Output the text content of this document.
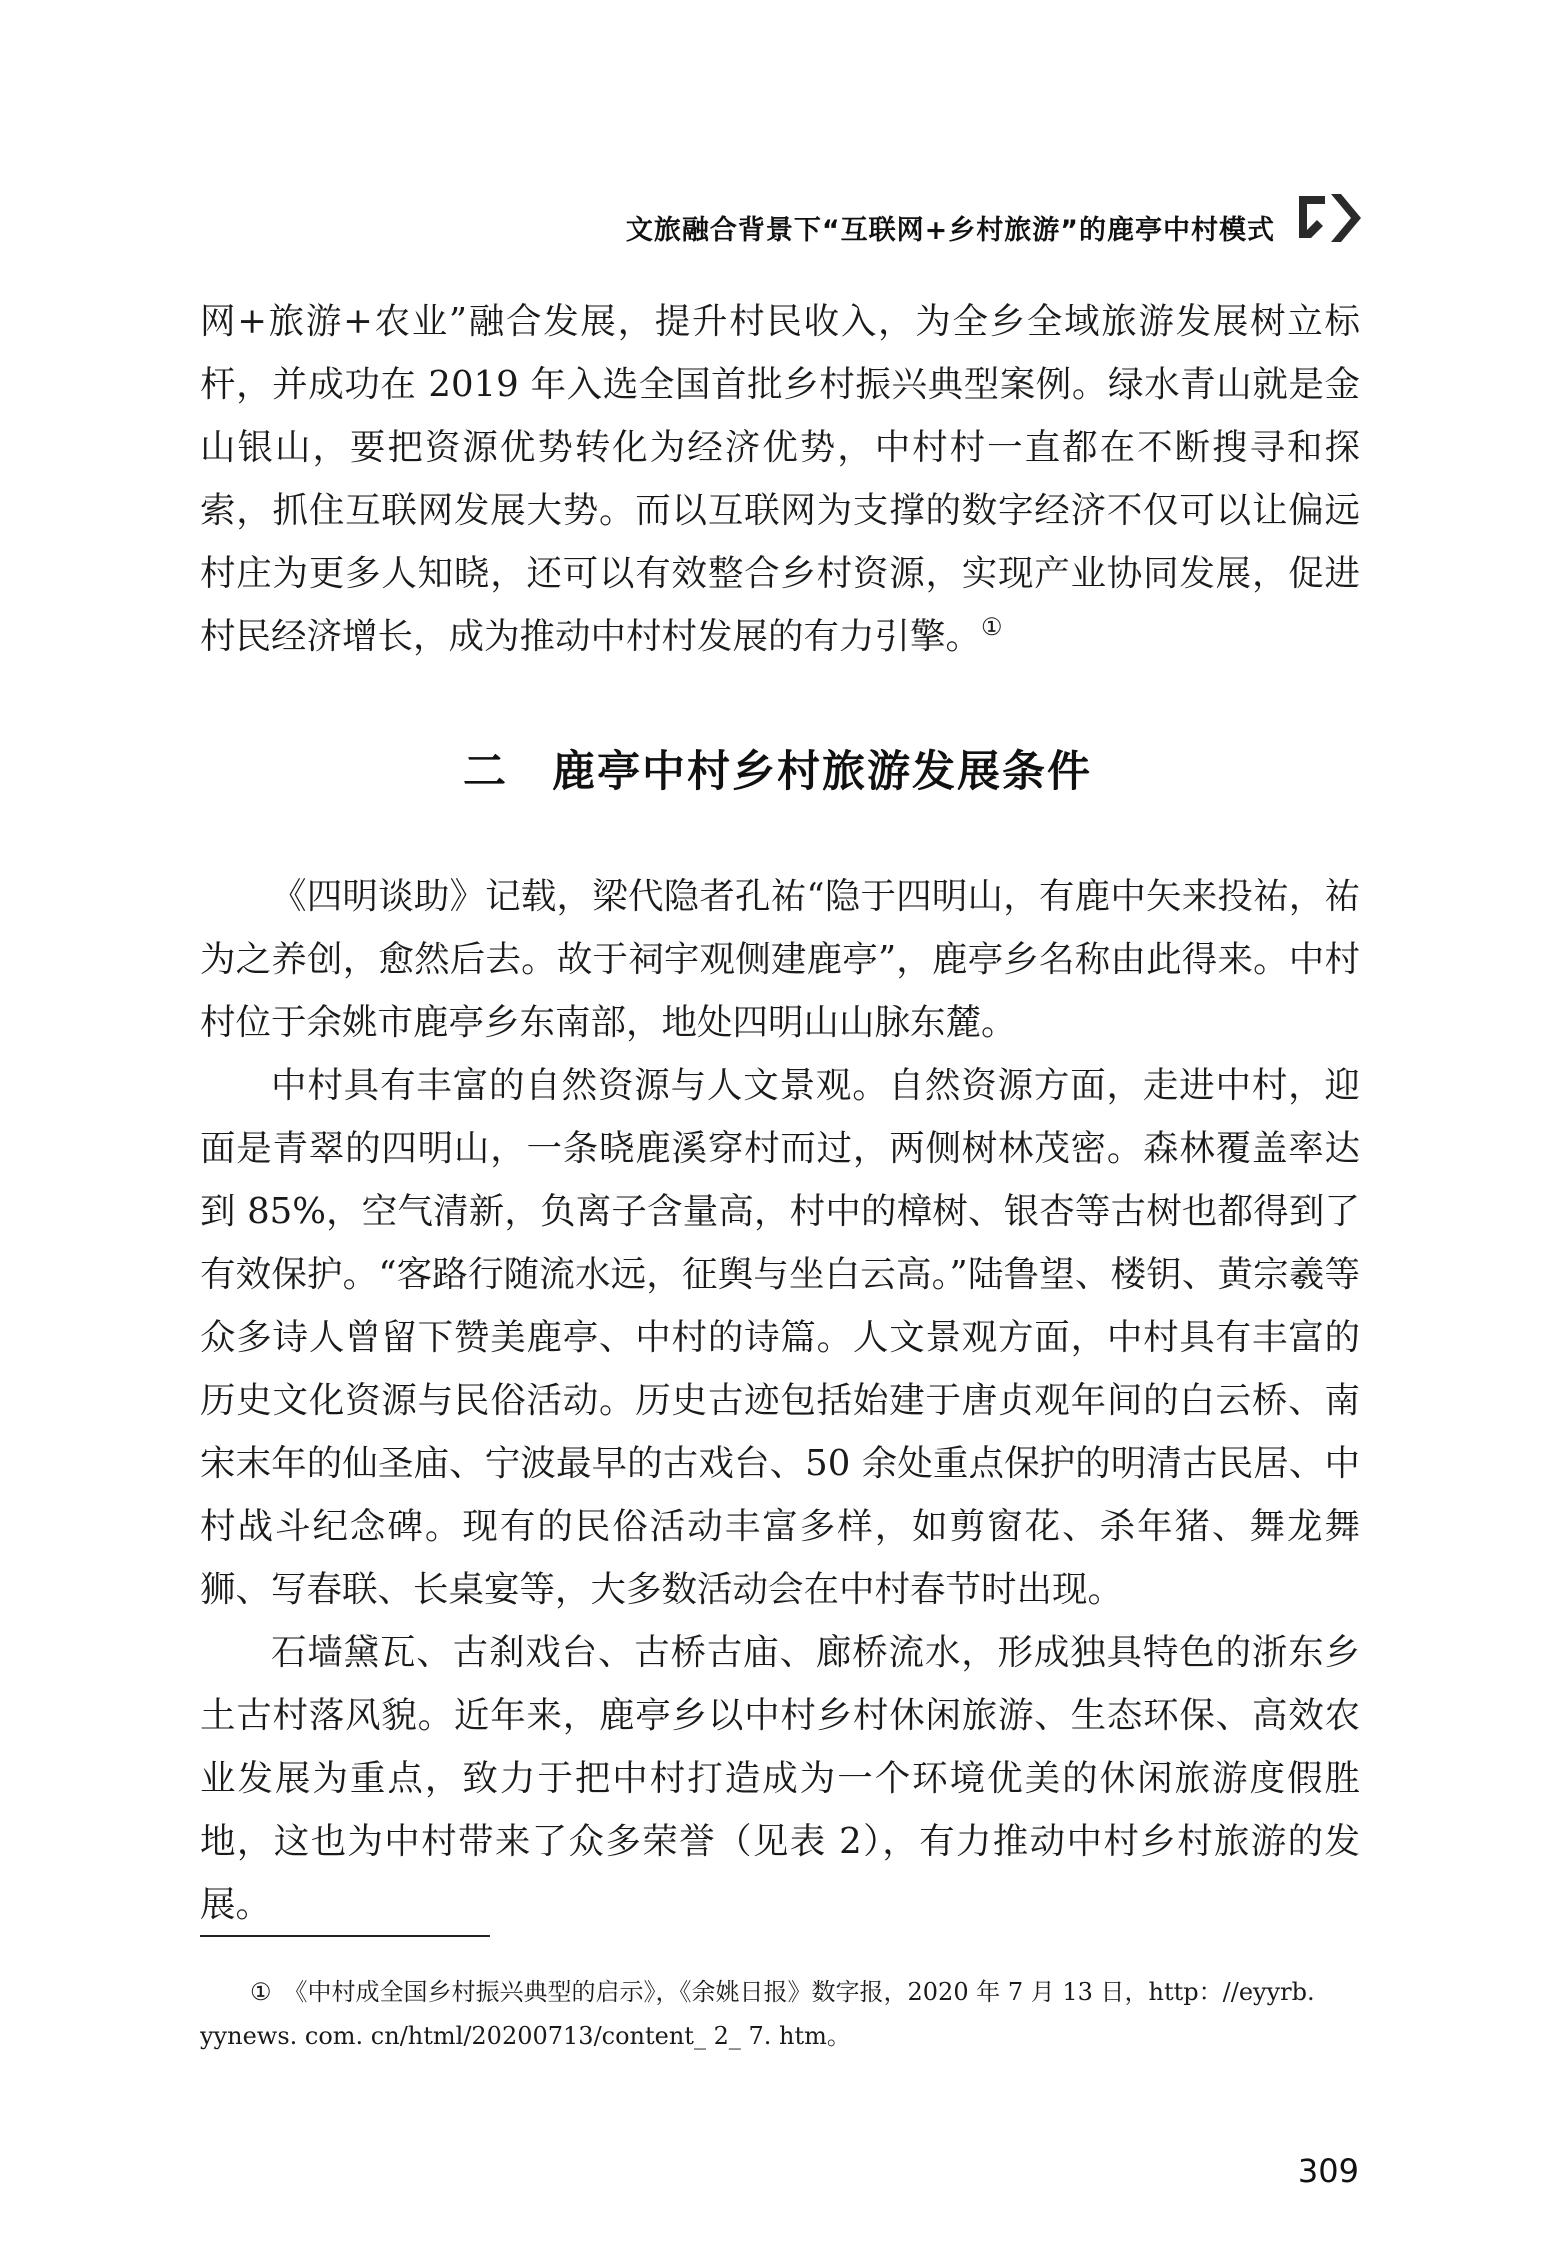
文旅融合背景下“互联网+乡村旅游”的鹿亭中村模式

网+旅游+农业”融合发展，提升村民收入，为全乡全域旅游发展树立标杆，并成功在 2019 年入选全国首批乡村振兴典型案例。绿水青山就是金山银山，要把资源优势转化为经济优势，中村村一直都在不断搜寻和探索，抓住互联网发展大势。而以互联网为支撑的数字经济不仅可以让偏远村庄为更多人知晓，还可以有效整合乡村资源，实现产业协同发展，促进村民经济增长，成为推动中村村发展的有力引擎。①

二 鹿亭中村乡村旅游发展条件

《四明谈助》记载，梁代隐者孔祐“隐于四明山，有鹿中矢来投祐，祐为之养创，愈然后去。故于祠宇观侧建鹿亭”，鹿亭乡名称由此得来。中村村位于余姚市鹿亭乡东南部，地处四明山山脉东麓。

中村具有丰富的自然资源与人文景观。自然资源方面，走进中村，迎面是青翠的四明山，一条晓鹿溪穿村而过，两侧树林茂密。森林覆盖率达到 85%，空气清新，负离子含量高，村中的樟树、银杏等古树也都得到了有效保护。“客路行随流水远，征舆与坐白云高。”陆鲁望、楼钥、黄宗羲等众多诗人曾留下赞美鹿亭、中村的诗篇。人文景观方面，中村具有丰富的历史文化资源与民俗活动。历史古迹包括始建于唐贞观年间的白云桥、南宋末年的仙圣庙、宁波最早的古戏台、50 余处重点保护的明清古民居、中村战斗纪念碑。现有的民俗活动丰富多样，如剪窗花、杀年猪、舞龙舞狮、写春联、长桌宴等，大多数活动会在中村春节时出现。

石墙黛瓦、古刹戏台、古桥古庙、廊桥流水，形成独具特色的浙东乡土古村落风貌。近年来，鹿亭乡以中村乡村休闲旅游、生态环保、高效农业发展为重点，致力于把中村打造成为一个环境优美的休闲旅游度假胜地，这也为中村带来了众多荣誉（见表 2），有力推动中村乡村旅游的发展。

① 《中村成全国乡村振兴典型的启示》，《余姚日报》数字报，2020 年 7 月 13 日，http：//eyyrb. yynews. com. cn/html/20200713/content_ 2_ 7. htm。
309
